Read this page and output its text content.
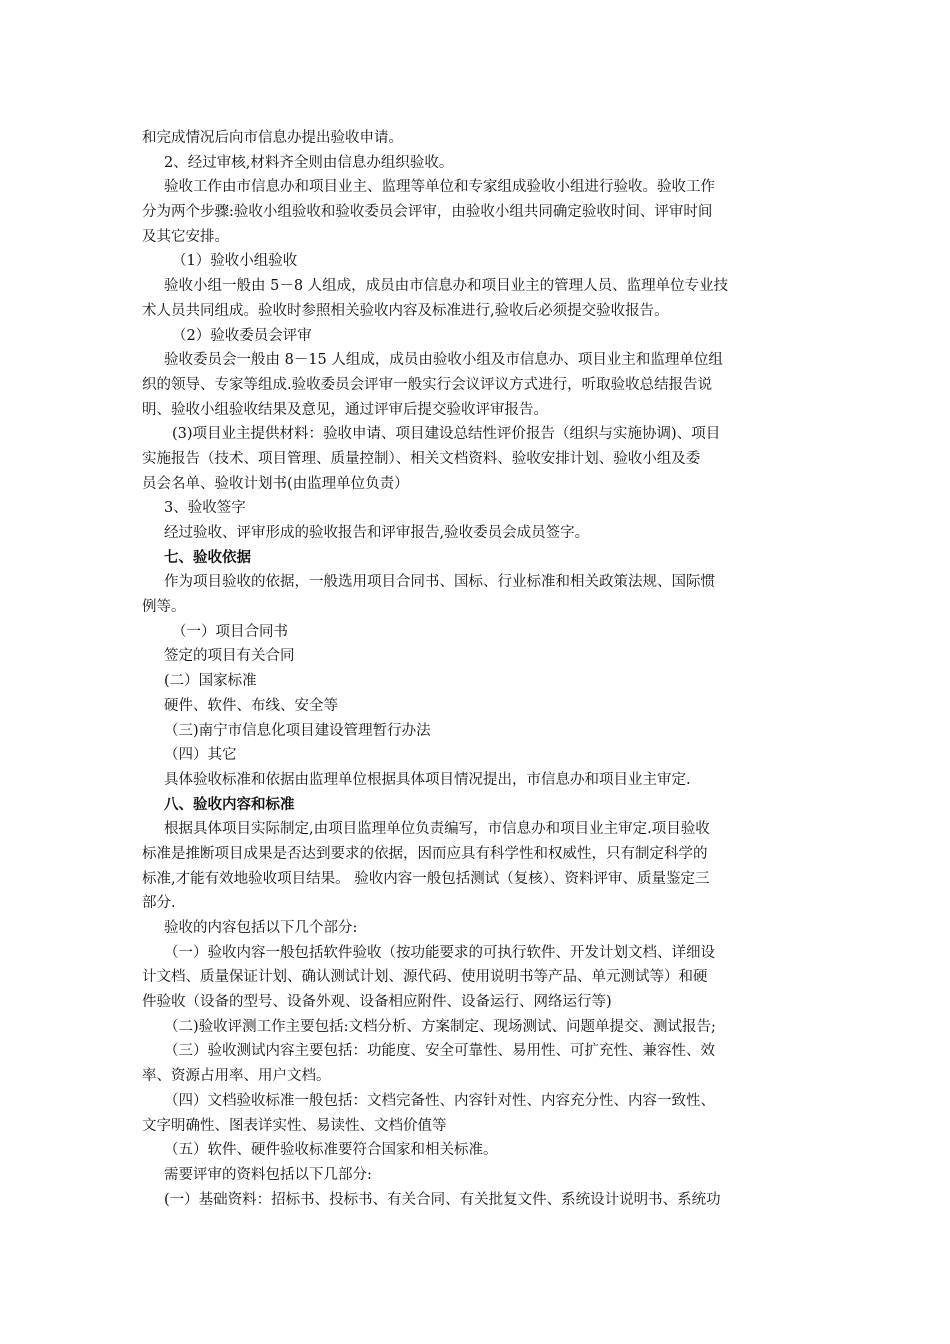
和完成情况后向市信息办提出验收申请。
2、经过审核,材料齐全则由信息办组织验收。
验收工作由市信息办和项目业主、监理等单位和专家组成验收小组进行验收。验收工作
分为两个步骤:验收小组验收和验收委员会评审，由验收小组共同确定验收时间、评审时间
及其它安排。
（1）验收小组验收
验收小组一般由 5－8 人组成，成员由市信息办和项目业主的管理人员、监理单位专业技
术人员共同组成。验收时参照相关验收内容及标准进行,验收后必须提交验收报告。
（2）验收委员会评审
验收委员会一般由 8－15 人组成，成员由验收小组及市信息办、项目业主和监理单位组
织的领导、专家等组成.验收委员会评审一般实行会议评议方式进行，听取验收总结报告说
明、验收小组验收结果及意见，通过评审后提交验收评审报告。
(3)项目业主提供材料：验收申请、项目建设总结性评价报告（组织与实施协调)、项目
实施报告（技术、项目管理、质量控制）、相关文档资料、验收安排计划、验收小组及委
员会名单、验收计划书(由监理单位负责）
3、验收签字
经过验收、评审形成的验收报告和评审报告,验收委员会成员签字。
七、验收依据
作为项目验收的依据，一般选用项目合同书、国标、行业标准和相关政策法规、国际惯
例等。
（一）项目合同书
签定的项目有关合同
(二）国家标准
硬件、软件、布线、安全等
（三)南宁市信息化项目建设管理暂行办法
（四）其它
具体验收标准和依据由监理单位根据具体项目情况提出，市信息办和项目业主审定.
八、验收内容和标准
根据具体项目实际制定,由项目监理单位负责编写，市信息办和项目业主审定.项目验收
标准是推断项目成果是否达到要求的依据，因而应具有科学性和权威性，只有制定科学的
标准,才能有效地验收项目结果。 验收内容一般包括测试（复核）、资料评审、质量鉴定三
部分.
验收的内容包括以下几个部分:
（一）验收内容一般包括软件验收（按功能要求的可执行软件、开发计划文档、详细设
计文档、质量保证计划、确认测试计划、源代码、使用说明书等产品、单元测试等）和硬
件验收（设备的型号、设备外观、设备相应附件、设备运行、网络运行等)
（二)验收评测工作主要包括:文档分析、方案制定、现场测试、问题单提交、测试报告;
（三）验收测试内容主要包括：功能度、安全可靠性、易用性、可扩充性、兼容性、效
率、资源占用率、用户文档。
（四）文档验收标准一般包括：文档完备性、内容针对性、内容充分性、内容一致性、
文字明确性、图表详实性、易读性、文档价值等
（五）软件、硬件验收标准要符合国家和相关标准。
需要评审的资料包括以下几部分:
(一）基础资料：招标书、投标书、有关合同、有关批复文件、系统设计说明书、系统功
